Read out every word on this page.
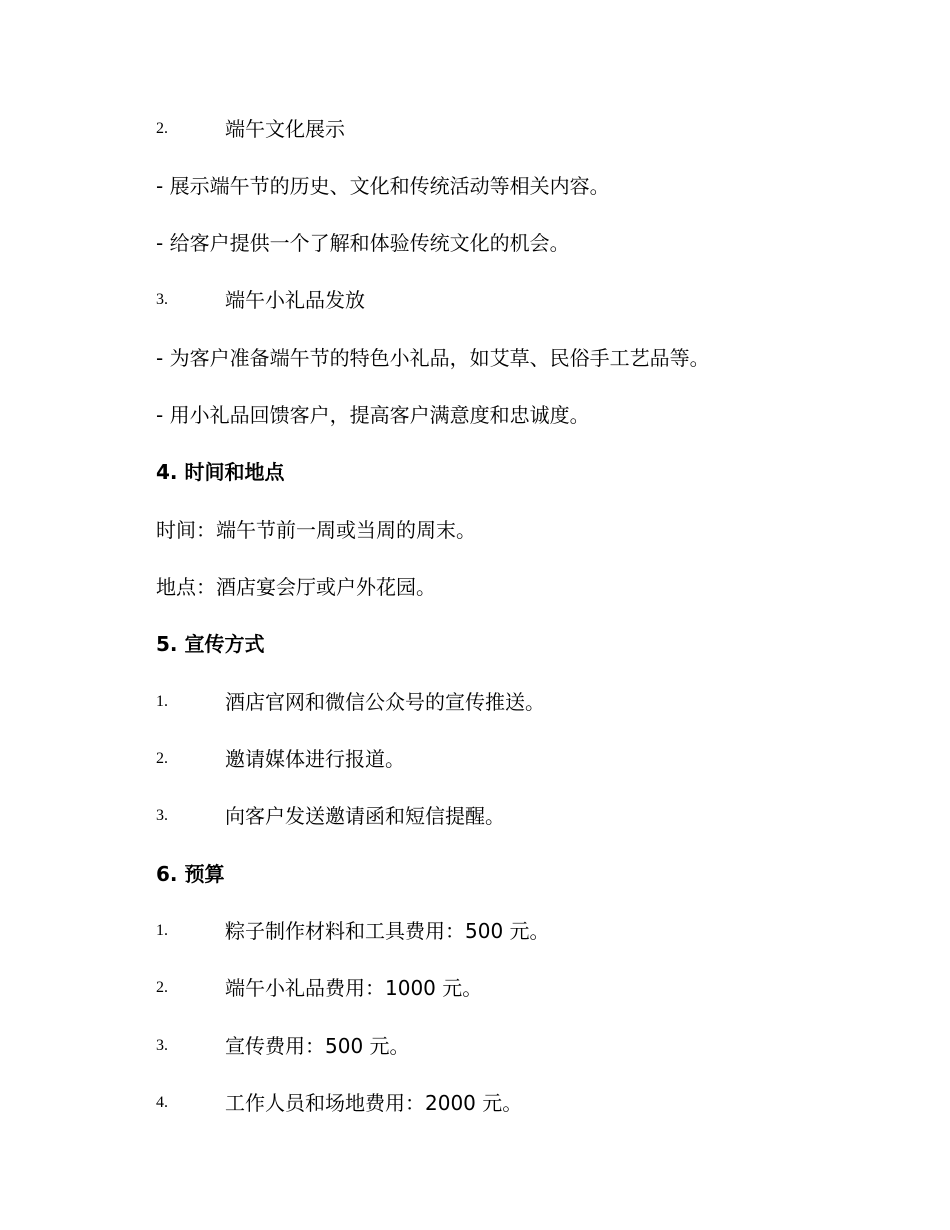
2.	端午文化展示
- 展示端午节的历史、文化和传统活动等相关内容。
- 给客户提供一个了解和体验传统文化的机会。
3.	端午小礼品发放
- 为客户准备端午节的特色小礼品，如艾草、民俗手工艺品等。
- 用小礼品回馈客户，提高客户满意度和忠诚度。
4. 时间和地点
时间：端午节前一周或当周的周末。
地点：酒店宴会厅或户外花园。
5. 宣传方式
1.	酒店官网和微信公众号的宣传推送。
2.	邀请媒体进行报道。
3.	向客户发送邀请函和短信提醒。
6. 预算
1.	粽子制作材料和工具费用：500 元。
2.	端午小礼品费用：1000 元。
3.	宣传费用：500 元。
4.	工作人员和场地费用：2000 元。
